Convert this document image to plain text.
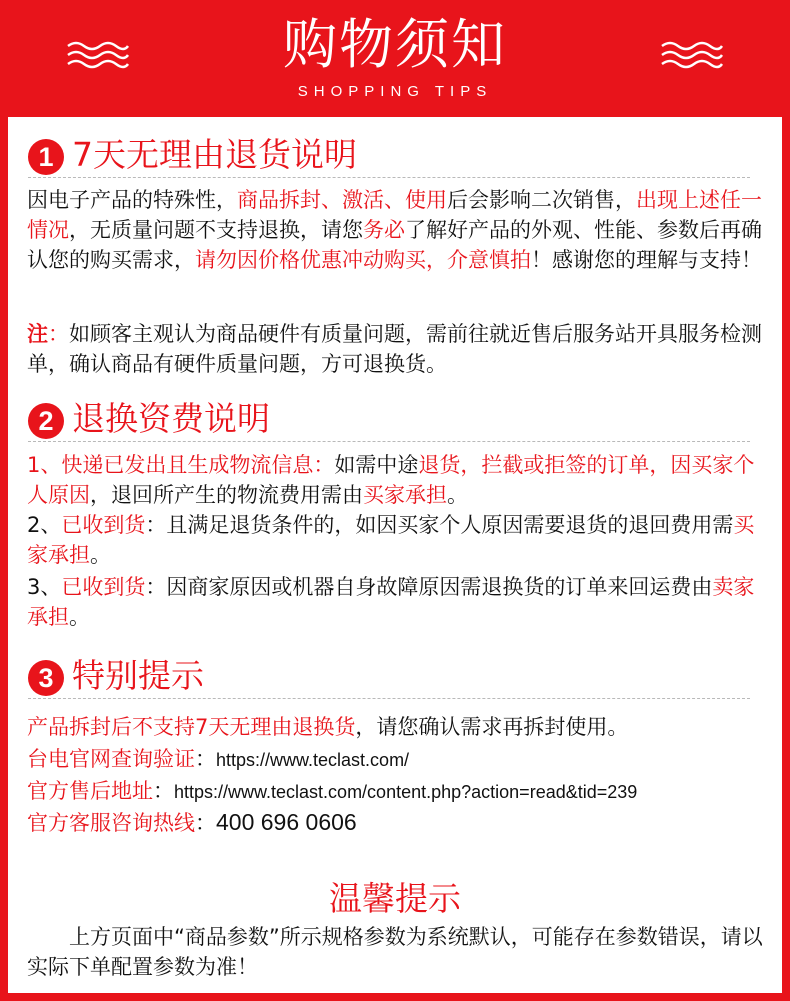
购物须知
SHOPPING TIPS
1 7天无理由退货说明
因电子产品的特殊性，商品拆封、激活、使用后会影响二次销售，出现上述任一情况，无质量问题不支持退换，请您务必了解好产品的外观、性能、参数后再确认您的购买需求，请勿因价格优惠冲动购买，介意慎拍！感谢您的理解与支持！
注：如顾客主观认为商品硬件有质量问题，需前往就近售后服务站开具服务检测单，确认商品有硬件质量问题，方可退换货。
2 退换资费说明
1、快递已发出且生成物流信息：如需中途退货，拦截或拒签的订单，因买家个人原因，退回所产生的物流费用需由买家承担。
2、已收到货：且满足退货条件的，如因买家个人原因需要退货的退回费用需买家承担。
3、已收到货：因商家原因或机器自身故障原因需退换货的订单来回运费由卖家承担。
3 特别提示
产品拆封后不支持7天无理由退换货，请您确认需求再拆封使用。
台电官网查询验证：https://www.teclast.com/
官方售后地址：https://www.teclast.com/content.php?action=read&tid=239
官方客服咨询热线：400 696 0606
温馨提示
上方页面中“商品参数”所示规格参数为系统默认，可能存在参数错误，请以实际下单配置参数为准！
